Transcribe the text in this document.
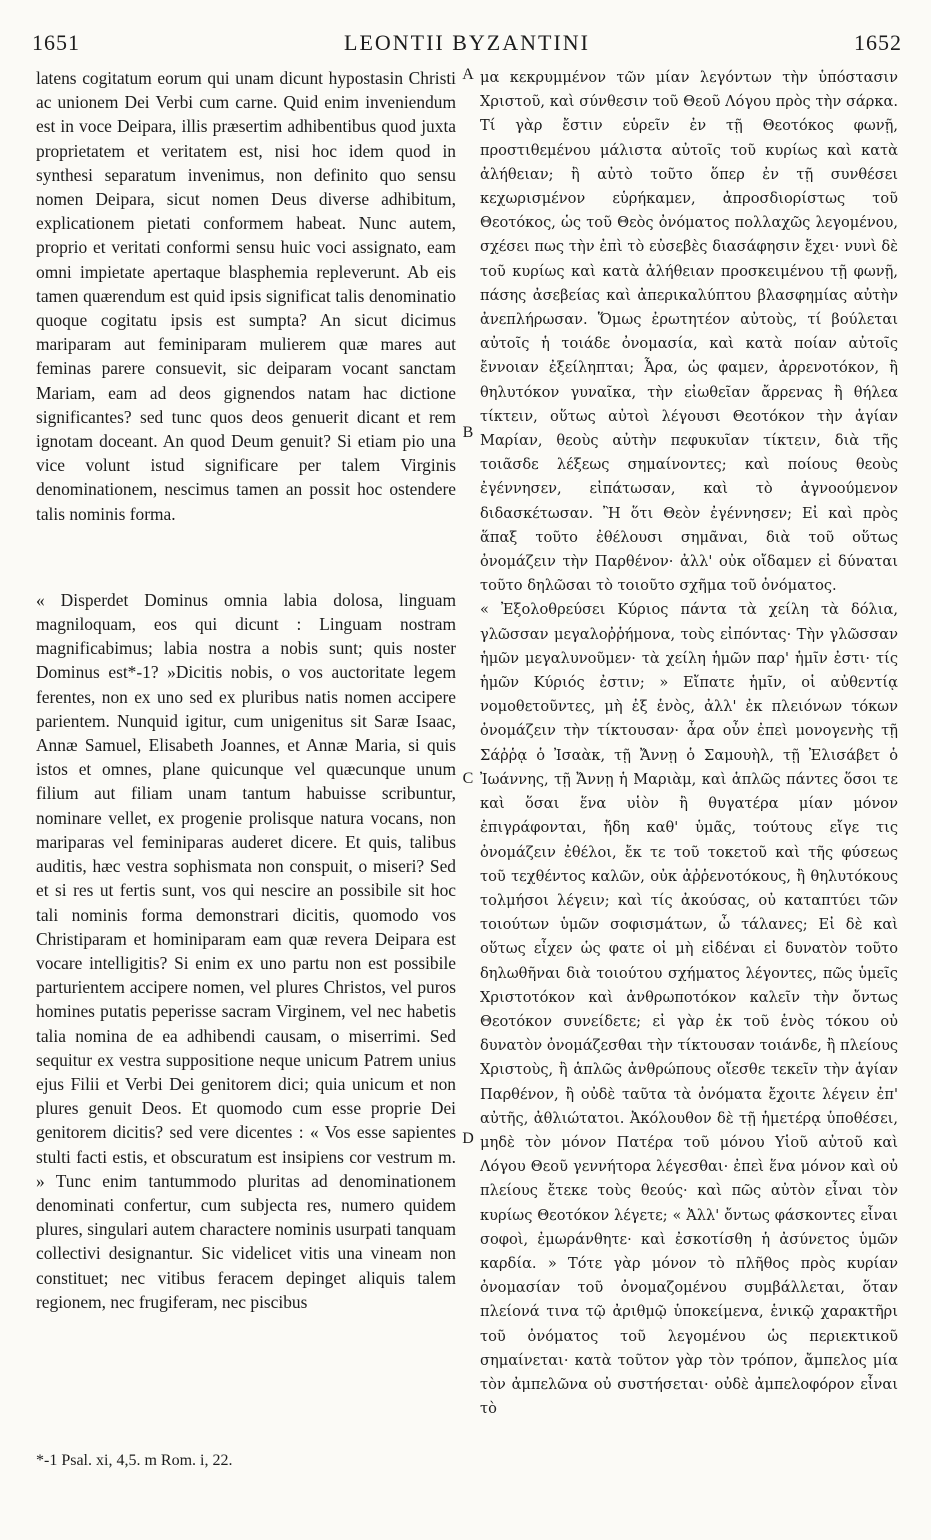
1651	LEONTII BYZANTINI	1652

latens cogitatum eorum qui unam dicunt hypostasin Christi ac unionem Dei Verbi cum carne. Quid enim inveniendum est in voce Deipara, illis præsertim adhibentibus quod juxta proprietatem et veritatem est, nisi hoc idem quod in synthesi separatum invenimus, non definito quo sensu nomen Deipara, sicut nomen Deus diverse adhibitum, explicationem pietati conformem habeat. Nunc autem, proprio et veritati conformi sensu huic voci assignato, eam omni impietate apertaque blasphemia repleverunt. Ab eis tamen quærendum est quid ipsis significat talis denominatio quoque cogitatu ipsis est sumpta? An sicut dicimus mariparam aut feminiparam mulierem quæ mares aut feminas parere consuevit, sic deiparam vocant sanctam Mariam, eam ad deos gignendos natam hac dictione significantes? sed tunc quos deos genuerit dicant et rem ignotam doceant. An quod Deum genuit? Si etiam pio una vice volunt istud significare per talem Virginis denominationem, nescimus tamen an possit hoc ostendere talis nominis forma.

« Disperdet Dominus omnia labia dolosa, linguam magniloquam, eos qui dicunt : Linguam nostram magnificabimus; labia nostra a nobis sunt; quis noster Dominus est*-1? »Dicitis nobis, o vos auctoritate legem ferentes, non ex uno sed ex pluribus natis nomen accipere parientem. Nunquid igitur, cum unigenitus sit Saræ Isaac, Annæ Samuel, Elisabeth Joannes, et Annæ Maria, si quis istos et omnes, plane quicunque vel quæcunque unum filium aut filiam unam tantum habuisse scribuntur, nominare vellet, ex progenie prolisque natura vocans, non mariparas vel feminiparas auderet dicere. Et quis, talibus auditis, hæc vestra sophismata non conspuit, o miseri? Sed et si res ut fertis sunt, vos qui nescire an possibile sit hoc tali nominis forma demonstrari dicitis, quomodo vos Christiparam et hominiparam eam quæ revera Deipara est vocare intelligitis? Si enim ex uno partu non est possibile parturientem accipere nomen, vel plures Christos, vel puros homines putatis peperisse sacram Virginem, vel nec habetis talia nomina de ea adhibendi causam, o miserrimi. Sed sequitur ex vestra suppositione neque unicum Patrem unius ejus Filii et Verbi Dei genitorem dici; quia unicum et non plures genuit Deos. Et quomodo cum esse proprie Dei genitorem dicitis? sed vere dicentes : « Vos esse sapientes stulti facti estis, et obscuratum est insipiens cor vestrum m. » Tunc enim tantummodo pluritas ad denominationem denominati confertur, cum subjecta res, numero quidem plures, singulari autem charactere nominis usurpati tanquam collectivi designantur. Sic videlicet vitis una vineam non constituet; nec vitibus feracem depinget aliquis talem regionem, nec frugiferam, nec piscibus

μα κεκρυμμένον τῶν μίαν λεγόντων τὴν ὑπόστασιν Χριστοῦ, καὶ σύνθεσιν τοῦ Θεοῦ Λόγου πρὸς τὴν σάρκα. Τί γὰρ ἔστιν εὑρεῖν ἐν τῇ Θεοτόκος φωνῇ, προστιθεμένου μάλιστα αὐτοῖς τοῦ κυρίως καὶ κατὰ ἀλήθειαν; ἢ αὐτὸ τοῦτο ὅπερ ἐν τῇ συνθέσει κεχωρισμένον εὑρήκαμεν, ἀπροσδιορίστως τοῦ Θεοτόκος, ὡς τοῦ Θεὸς ὀνόματος πολλαχῶς λεγομένου, σχέσει πως τὴν ἐπὶ τὸ εὐσεβὲς διασάφησιν ἔχει· νυνὶ δὲ τοῦ κυρίως καὶ κατὰ ἀλήθειαν προσκειμένου τῇ φωνῇ, πάσης ἀσεβείας καὶ ἀπερικαλύπτου βλασφημίας αὐτὴν ἀνεπλήρωσαν. Ὅμως ἐρωτητέον αὐτοὺς, τί βούλεται αὐτοῖς ἡ τοιάδε ὀνομασία, καὶ κατὰ ποίαν αὐτοῖς ἔννοιαν ἐξείληπται; Ἆρα, ὡς φαμεν, ἀρρενοτόκον, ἢ θηλυτόκον γυναῖκα, τὴν εἰωθεῖαν ἄρρενας ἢ θήλεα τίκτειν, οὕτως αὐτοὶ λέγουσι Θεοτόκον τὴν ἁγίαν Μαρίαν, θεοὺς αὐτὴν πεφυκυῖαν τίκτειν, διὰ τῆς τοιᾶσδε λέξεως σημαίνοντες; καὶ ποίους θεοὺς ἐγέννησεν, εἰπάτωσαν, καὶ τὸ ἀγνοούμενον διδασκέτωσαν. Ἢ ὅτι Θεὸν ἐγέννησεν; Εἰ καὶ πρὸς ἅπαξ τοῦτο ἐθέλουσι σημᾶναι, διὰ τοῦ οὕτως ὀνομάζειν τὴν Παρθένον· ἀλλ' οὐκ οἴδαμεν εἰ δύναται τοῦτο δηλῶσαι τὸ τοιοῦτο σχῆμα τοῦ ὀνόματος.

« Ἐξολοθρεύσει Κύριος πάντα τὰ χείλη τὰ δόλια, γλῶσσαν μεγαλοῤῥήμονα, τοὺς εἰπόντας· Τὴν γλῶσσαν ἡμῶν μεγαλυνοῦμεν· τὰ χείλη ἡμῶν παρ' ἡμῖν ἐστι· τίς ἡμῶν Κύριός ἐστιν; » Εἴπατε ἡμῖν, οἱ αὐθεντίᾳ νομοθετοῦντες, μὴ ἐξ ἑνὸς, ἀλλ' ἐκ πλειόνων τόκων ὀνομάζειν τὴν τίκτουσαν· ἆρα οὖν ἐπεὶ μονογενὴς τῇ Σάῤῥᾳ ὁ Ἰσαὰκ, τῇ Ἄννῃ ὁ Σαμουὴλ, τῇ Ἐλισάβετ ὁ Ἰωάννης, τῇ Ἄννῃ ἡ Μαριὰμ, καὶ ἁπλῶς πάντες ὅσοι τε καὶ ὅσαι ἕνα υἱὸν ἢ θυγατέρα μίαν μόνον ἐπιγράφονται, ἤδη καθ' ὑμᾶς, τούτους εἴγε τις ὀνομάζειν ἐθέλοι, ἔκ τε τοῦ τοκετοῦ καὶ τῆς φύσεως τοῦ τεχθέντος καλῶν, οὐκ ἀῤῥενοτόκους, ἢ θηλυτόκους τολμήσοι λέγειν; καὶ τίς ἀκούσας, οὐ καταπτύει τῶν τοιούτων ὑμῶν σοφισμάτων, ὦ τάλανες; Εἰ δὲ καὶ οὕτως εἶχεν ὡς φατε οἱ μὴ εἰδέναι εἰ δυνατὸν τοῦτο δηλωθῆναι διὰ τοιούτου σχήματος λέγοντες, πῶς ὑμεῖς Χριστοτόκον καὶ ἀνθρωποτόκον καλεῖν τὴν ὄντως Θεοτόκον συνείδετε; εἰ γὰρ ἐκ τοῦ ἑνὸς τόκου οὐ δυνατὸν ὀνομάζεσθαι τὴν τίκτουσαν τοιάνδε, ἢ πλείους Χριστοὺς, ἢ ἁπλῶς ἀνθρώπους οἴεσθε τεκεῖν τὴν ἁγίαν Παρθένον, ἢ οὐδὲ ταῦτα τὰ ὀνόματα ἔχοιτε λέγειν ἐπ' αὐτῆς, ἀθλιώτατοι. Ἀκόλουθον δὲ τῇ ἡμετέρᾳ ὑποθέσει, μηδὲ τὸν μόνον Πατέρα τοῦ μόνου Υἱοῦ αὐτοῦ καὶ Λόγου Θεοῦ γεννήτορα λέγεσθαι· ἐπεὶ ἕνα μόνον καὶ οὐ πλείους ἔτεκε τοὺς θεούς· καὶ πῶς αὐτὸν εἶναι τὸν κυρίως Θεοτόκον λέγετε; « Ἀλλ' ὄντως φάσκοντες εἶναι σοφοὶ, ἐμωράνθητε· καὶ ἐσκοτίσθη ἡ ἀσύνετος ὑμῶν καρδία. » Τότε γὰρ μόνον τὸ πλῆθος πρὸς κυρίαν ὀνομασίαν τοῦ ὀνομαζομένου συμβάλλεται, ὅταν πλείονά τινα τῷ ἀριθμῷ ὑποκείμενα, ἑνικῷ χαρακτῆρι τοῦ ὀνόματος τοῦ λεγομένου ὡς περιεκτικοῦ σημαίνεται· κατὰ τοῦτον γὰρ τὸν τρόπον, ἄμπελος μία τὸν ἀμπελῶνα οὐ συστήσεται· οὐδὲ ἀμπελοφόρον εἶναι τὸ

A
B
C
D
*-1 Psal. xi, 4,5. m Rom. i, 22.
